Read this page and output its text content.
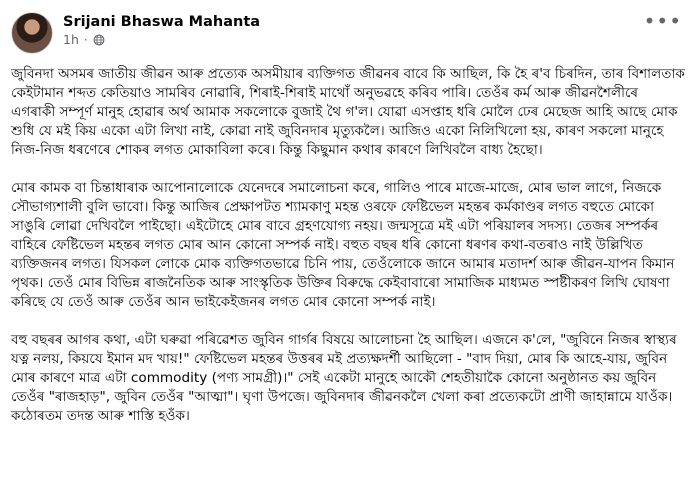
Srijani Bhaswa Mahanta
1h ·
•••

জুবিনদা অসমৰ জাতীয় জীৱন আৰু প্ৰত্যেক অসমীয়াৰ ব্যক্তিগত জীৱনৰ বাবে কি আছিল, কি হৈ ৰ'ব চিৰদিন, তাৰ বিশালতাক কেইটামান শব্দত কেতিয়াও সামৰিব নোৱাৰি, শিৰাই-শিৰাই মাথোঁ অনুভৱহে কৰিব পাৰি। তেওঁৰ কৰ্ম আৰু জীৱনশৈলীৰে এগৰাকী সম্পূৰ্ণ মানুহ হোৱাৰ অৰ্থ আমাক সকলোকে বুজাই থৈ গ'ল। যোৱা এসপ্তাহ ধৰি মোলৈ ঢেৰ মেছেজ আহি আছে মোক শুধি যে মই কিয় একো এটা লিখা নাই, কোৱা নাই জুবিনদাৰ মৃত্যুকলৈ। আজিও একো নিলিখিলো হয়, কাৰণ সকলো মানুহে নিজ-নিজ ধৰণেৰে শোকৰ লগত মোকাবিলা কৰে। কিন্তু কিছুমান কথাৰ কাৰণে লিখিবলৈ বাধ্য হৈছো।

মোৰ কামক বা চিন্তাধাৰাক আপোনালোকে যেনেদৰে সমালোচনা কৰে, গালিও পাৰে মাজে-মাজে, মোৰ ভাল লাগে, নিজকে সৌভাগ্যশালী বুলি ভাবো। কিন্তু আজিৰ প্ৰেক্ষাপটত শ্যামকাণু মহন্ত ওৰফে ফেষ্টিভেল মহন্তৰ কৰ্মকাণ্ডৰ লগত বহুতে মোকো সাঙুৰি লোৱা দেখিবলৈ পাইছো। এইটোহে মোৰ বাবে গ্ৰহণযোগ্য নহয়। জন্মসূত্ৰে মই এটা পৰিয়ালৰ সদস্য। তেজৰ সম্পৰ্কৰ বাহিৰে ফেষ্টিভেল মহন্তৰ লগত মোৰ আন কোনো সম্পৰ্ক নাই। বহুত বছৰ ধৰি কোনো ধৰণৰ কথা-বতৰাও নাই উল্লিখিত ব্যক্তিজনৰ লগত। যিসকল লোকে মোক ব্যক্তিগতভাৱে চিনি পায়, তেওঁলোকে জানে আমাৰ মতাদৰ্শ আৰু জীৱন-যাপন কিমান পৃথক। তেওঁ মোৰ বিভিন্ন ৰাজনৈতিক আৰু সাংস্কৃতিক উক্তিৰ বিৰুদ্ধে কেইবাবাৰো সামাজিক মাধ্যমত স্পষ্টীকৰণ লিখি ঘোষণা কৰিছে যে তেওঁ আৰু তেওঁৰ আন ভাইকেইজনৰ লগত মোৰ কোনো সম্পৰ্ক নাই।

বহু বছৰৰ আগৰ কথা, এটা ঘৰুৱা পৰিৱেশত জুবিন গাৰ্গৰ বিষয়ে আলোচনা হৈ আছিল। এজনে ক'লে, "জুবিনে নিজৰ স্বাস্থ্যৰ যত্ন নলয়, কিয়যে ইমান মদ খায়!" ফেষ্টিভেল মহন্তৰ উত্তৰৰ মই প্ৰত্যক্ষদৰ্শী আছিলো - "বাদ দিয়া, মোৰ কি আহে-যায়, জুবিন মোৰ কাৰণে মাত্ৰ এটা commodity (পণ্য সামগ্ৰী)।" সেই একেটা মানুহে আকৌ শেহতীয়াকৈ কোনো অনুষ্ঠানত কয় জুবিন তেওঁৰ "ৰাজহাড়", জুবিন তেওঁৰ "আত্মা"। ঘৃণা উপজে। জুবিনদাৰ জীৱনকলৈ খেলা কৰা প্ৰত্যেকটো প্ৰাণী জাহান্নামে যাওঁক। কঠোৰতম তদন্ত আৰু শাস্তি হওঁক।
